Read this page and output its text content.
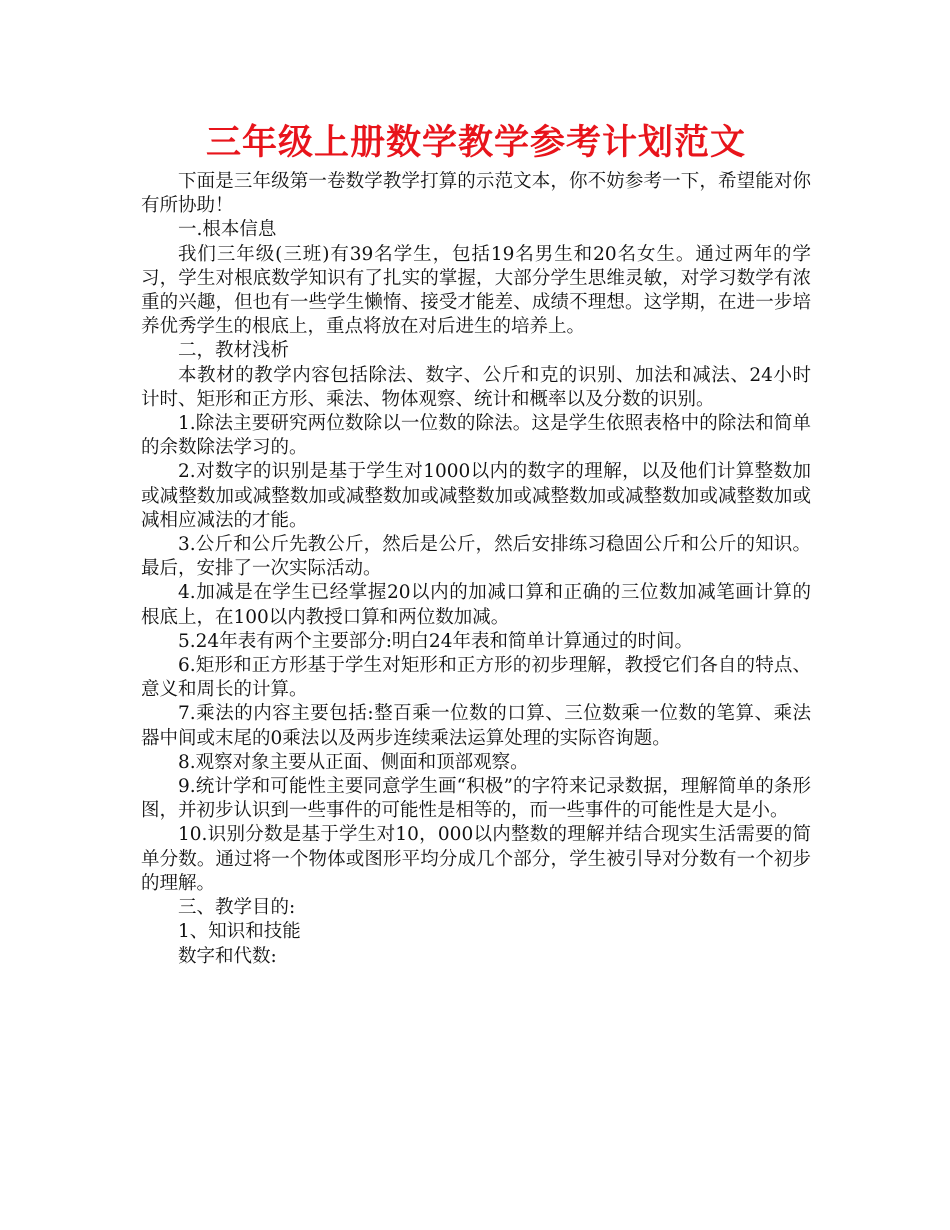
三年级上册数学教学参考计划范文

下面是三年级第一卷数学教学打算的示范文本，你不妨参考一下，希望能对你有所协助！

一.根本信息

我们三年级(三班)有39名学生，包括19名男生和20名女生。通过两年的学习，学生对根底数学知识有了扎实的掌握，大部分学生思维灵敏，对学习数学有浓重的兴趣，但也有一些学生懒惰、接受才能差、成绩不理想。这学期，在进一步培养优秀学生的根底上，重点将放在对后进生的培养上。

二，教材浅析

本教材的教学内容包括除法、数字、公斤和克的识别、加法和减法、24小时计时、矩形和正方形、乘法、物体观察、统计和概率以及分数的识别。

1.除法主要研究两位数除以一位数的除法。这是学生依照表格中的除法和简单的余数除法学习的。

2.对数字的识别是基于学生对1000以内的数字的理解，以及他们计算整数加或减整数加或减整数加或减整数加或减整数加或减整数加或减整数加或减整数加或减相应减法的才能。

3.公斤和公斤先教公斤，然后是公斤，然后安排练习稳固公斤和公斤的知识。最后，安排了一次实际活动。

4.加减是在学生已经掌握20以内的加减口算和正确的三位数加减笔画计算的根底上，在100以内教授口算和两位数加减。

5.24年表有两个主要部分:明白24年表和简单计算通过的时间。

6.矩形和正方形基于学生对矩形和正方形的初步理解，教授它们各自的特点、意义和周长的计算。

7.乘法的内容主要包括:整百乘一位数的口算、三位数乘一位数的笔算、乘法器中间或末尾的0乘法以及两步连续乘法运算处理的实际咨询题。

8.观察对象主要从正面、侧面和顶部观察。

9.统计学和可能性主要同意学生画“积极”的字符来记录数据，理解简单的条形图，并初步认识到一些事件的可能性是相等的，而一些事件的可能性是大是小。

10.识别分数是基于学生对10，000以内整数的理解并结合现实生活需要的简单分数。通过将一个物体或图形平均分成几个部分，学生被引导对分数有一个初步的理解。

三、教学目的:

1、知识和技能

数字和代数:
